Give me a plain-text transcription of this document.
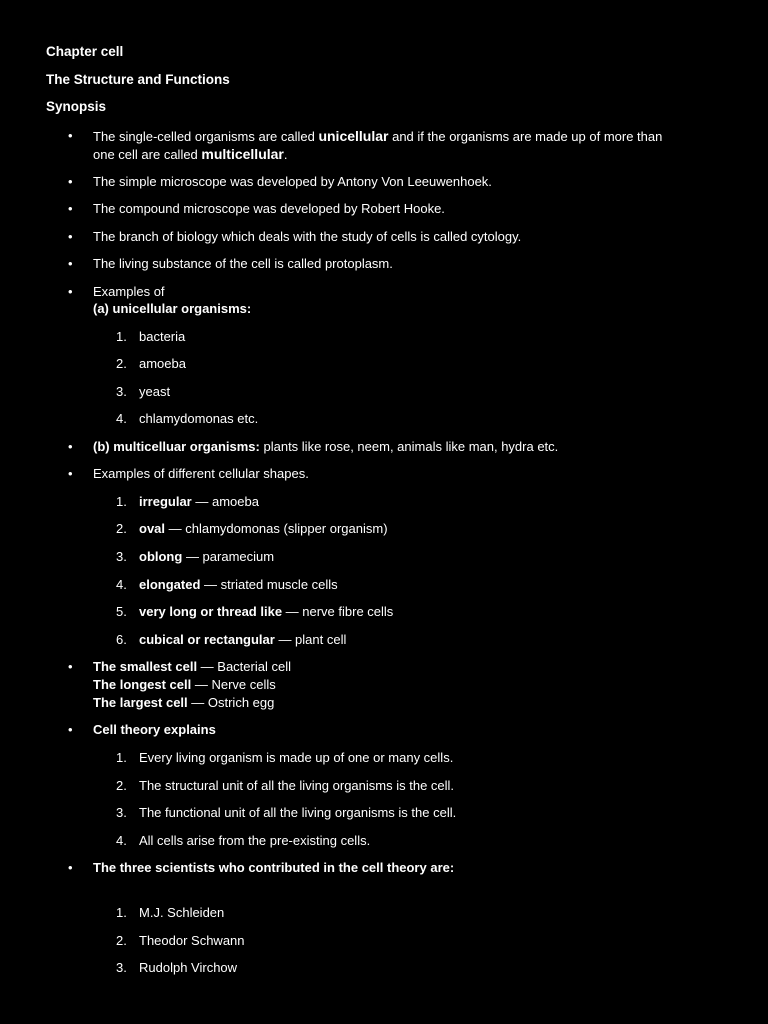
Chapter cell
The Structure and Functions
Synopsis
• The single-celled organisms are called unicellular and if the organisms are made up of more than
one cell are called multicellular.
• The simple microscope was developed by Antony Von Leeuwenhoek.
• The compound microscope was developed by Robert Hooke.
• The branch of biology which deals with the study of cells is called cytology.
• The living substance of the cell is called protoplasm.
• Examples of
(a) unicellular organisms:
1. bacteria
2. amoeba
3. yeast
4. chlamydomonas etc.
• (b) multicelluar organisms: plants like rose, neem, animals like man, hydra etc.
• Examples of different cellular shapes.
1. irregular — amoeba
2. oval — chlamydomonas (slipper organism)
3. oblong — paramecium
4. elongated — striated muscle cells
5. very long or thread like — nerve fibre cells
6. cubical or rectangular — plant cell
• The smallest cell — Bacterial cell
The longest cell — Nerve cells
The largest cell — Ostrich egg
• Cell theory explains
1. Every living organism is made up of one or many cells.
2. The structural unit of all the living organisms is the cell.
3. The functional unit of all the living organisms is the cell.
4. All cells arise from the pre-existing cells.
• The three scientists who contributed in the cell theory are:
1. M.J. Schleiden
2. Theodor Schwann
3. Rudolph Virchow
